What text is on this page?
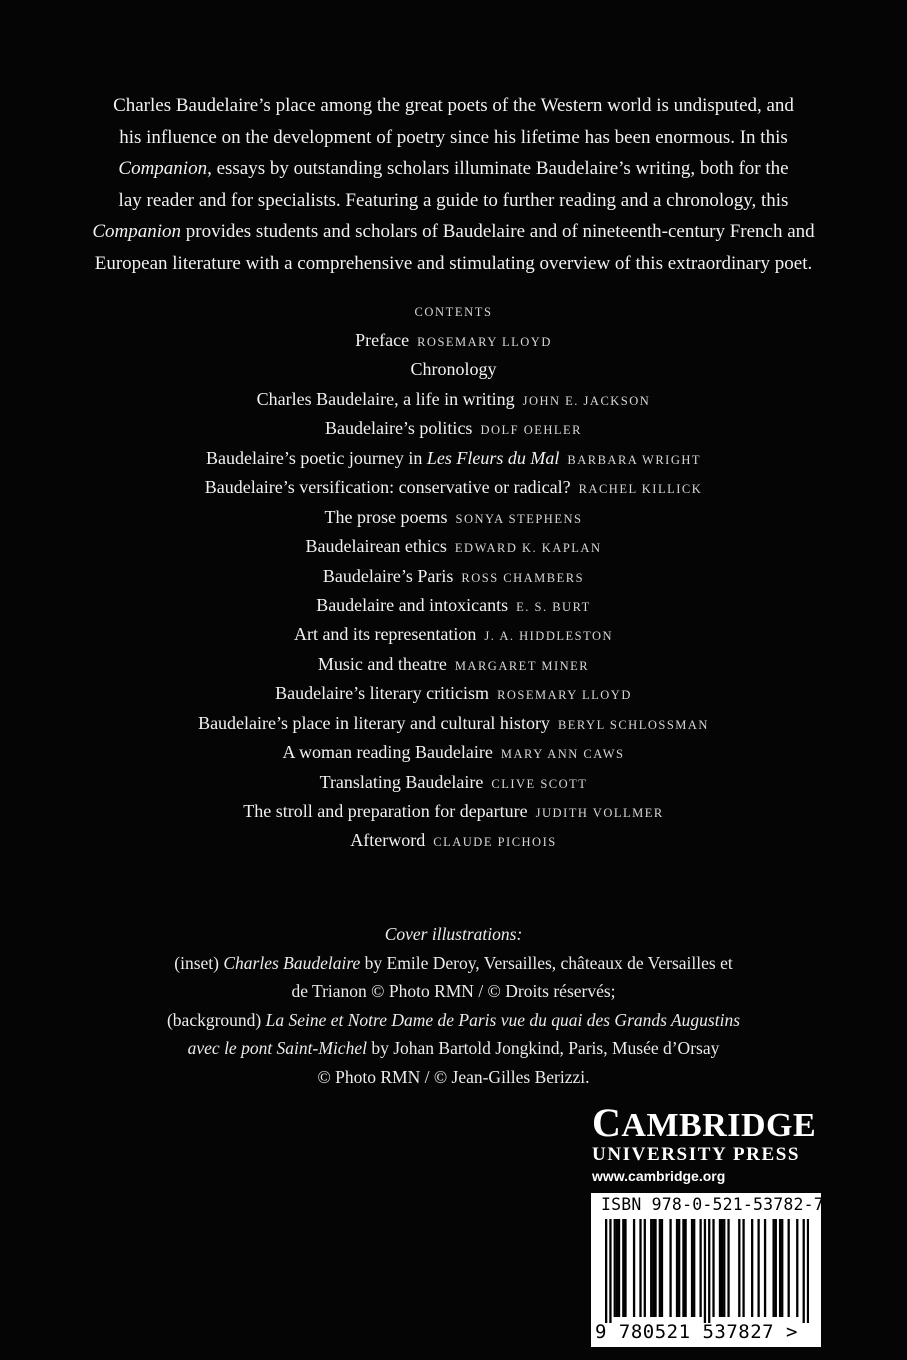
Charles Baudelaire’s place among the great poets of the Western world is undisputed, and
his influence on the development of poetry since his lifetime has been enormous. In this
Companion, essays by outstanding scholars illuminate Baudelaire’s writing, both for the
lay reader and for specialists. Featuring a guide to further reading and a chronology, this
Companion provides students and scholars of Baudelaire and of nineteenth-century French and
European literature with a comprehensive and stimulating overview of this extraordinary poet.
CONTENTS
Preface ROSEMARY LLOYD
Chronology
Charles Baudelaire, a life in writing JOHN E. JACKSON
Baudelaire’s politics DOLF OEHLER
Baudelaire’s poetic journey in Les Fleurs du Mal BARBARA WRIGHT
Baudelaire’s versification: conservative or radical? RACHEL KILLICK
The prose poems SONYA STEPHENS
Baudelairean ethics EDWARD K. KAPLAN
Baudelaire’s Paris ROSS CHAMBERS
Baudelaire and intoxicants E. S. BURT
Art and its representation J. A. HIDDLESTON
Music and theatre MARGARET MINER
Baudelaire’s literary criticism ROSEMARY LLOYD
Baudelaire’s place in literary and cultural history BERYL SCHLOSSMAN
A woman reading Baudelaire MARY ANN CAWS
Translating Baudelaire CLIVE SCOTT
The stroll and preparation for departure JUDITH VOLLMER
Afterword CLAUDE PICHOIS
Cover illustrations:
(inset) Charles Baudelaire by Emile Deroy, Versailles, châteaux de Versailles et
de Trianon © Photo RMN / © Droits réservés;
(background) La Seine et Notre Dame de Paris vue du quai des Grands Augustins
avec le pont Saint-Michel by Johan Bartold Jongkind, Paris, Musée d’Orsay
© Photo RMN / © Jean-Gilles Berizzi.
CAMBRIDGE
UNIVERSITY PRESS
www.cambridge.org
ISBN 978-0-521-53782-7
9 780521 537827 >
